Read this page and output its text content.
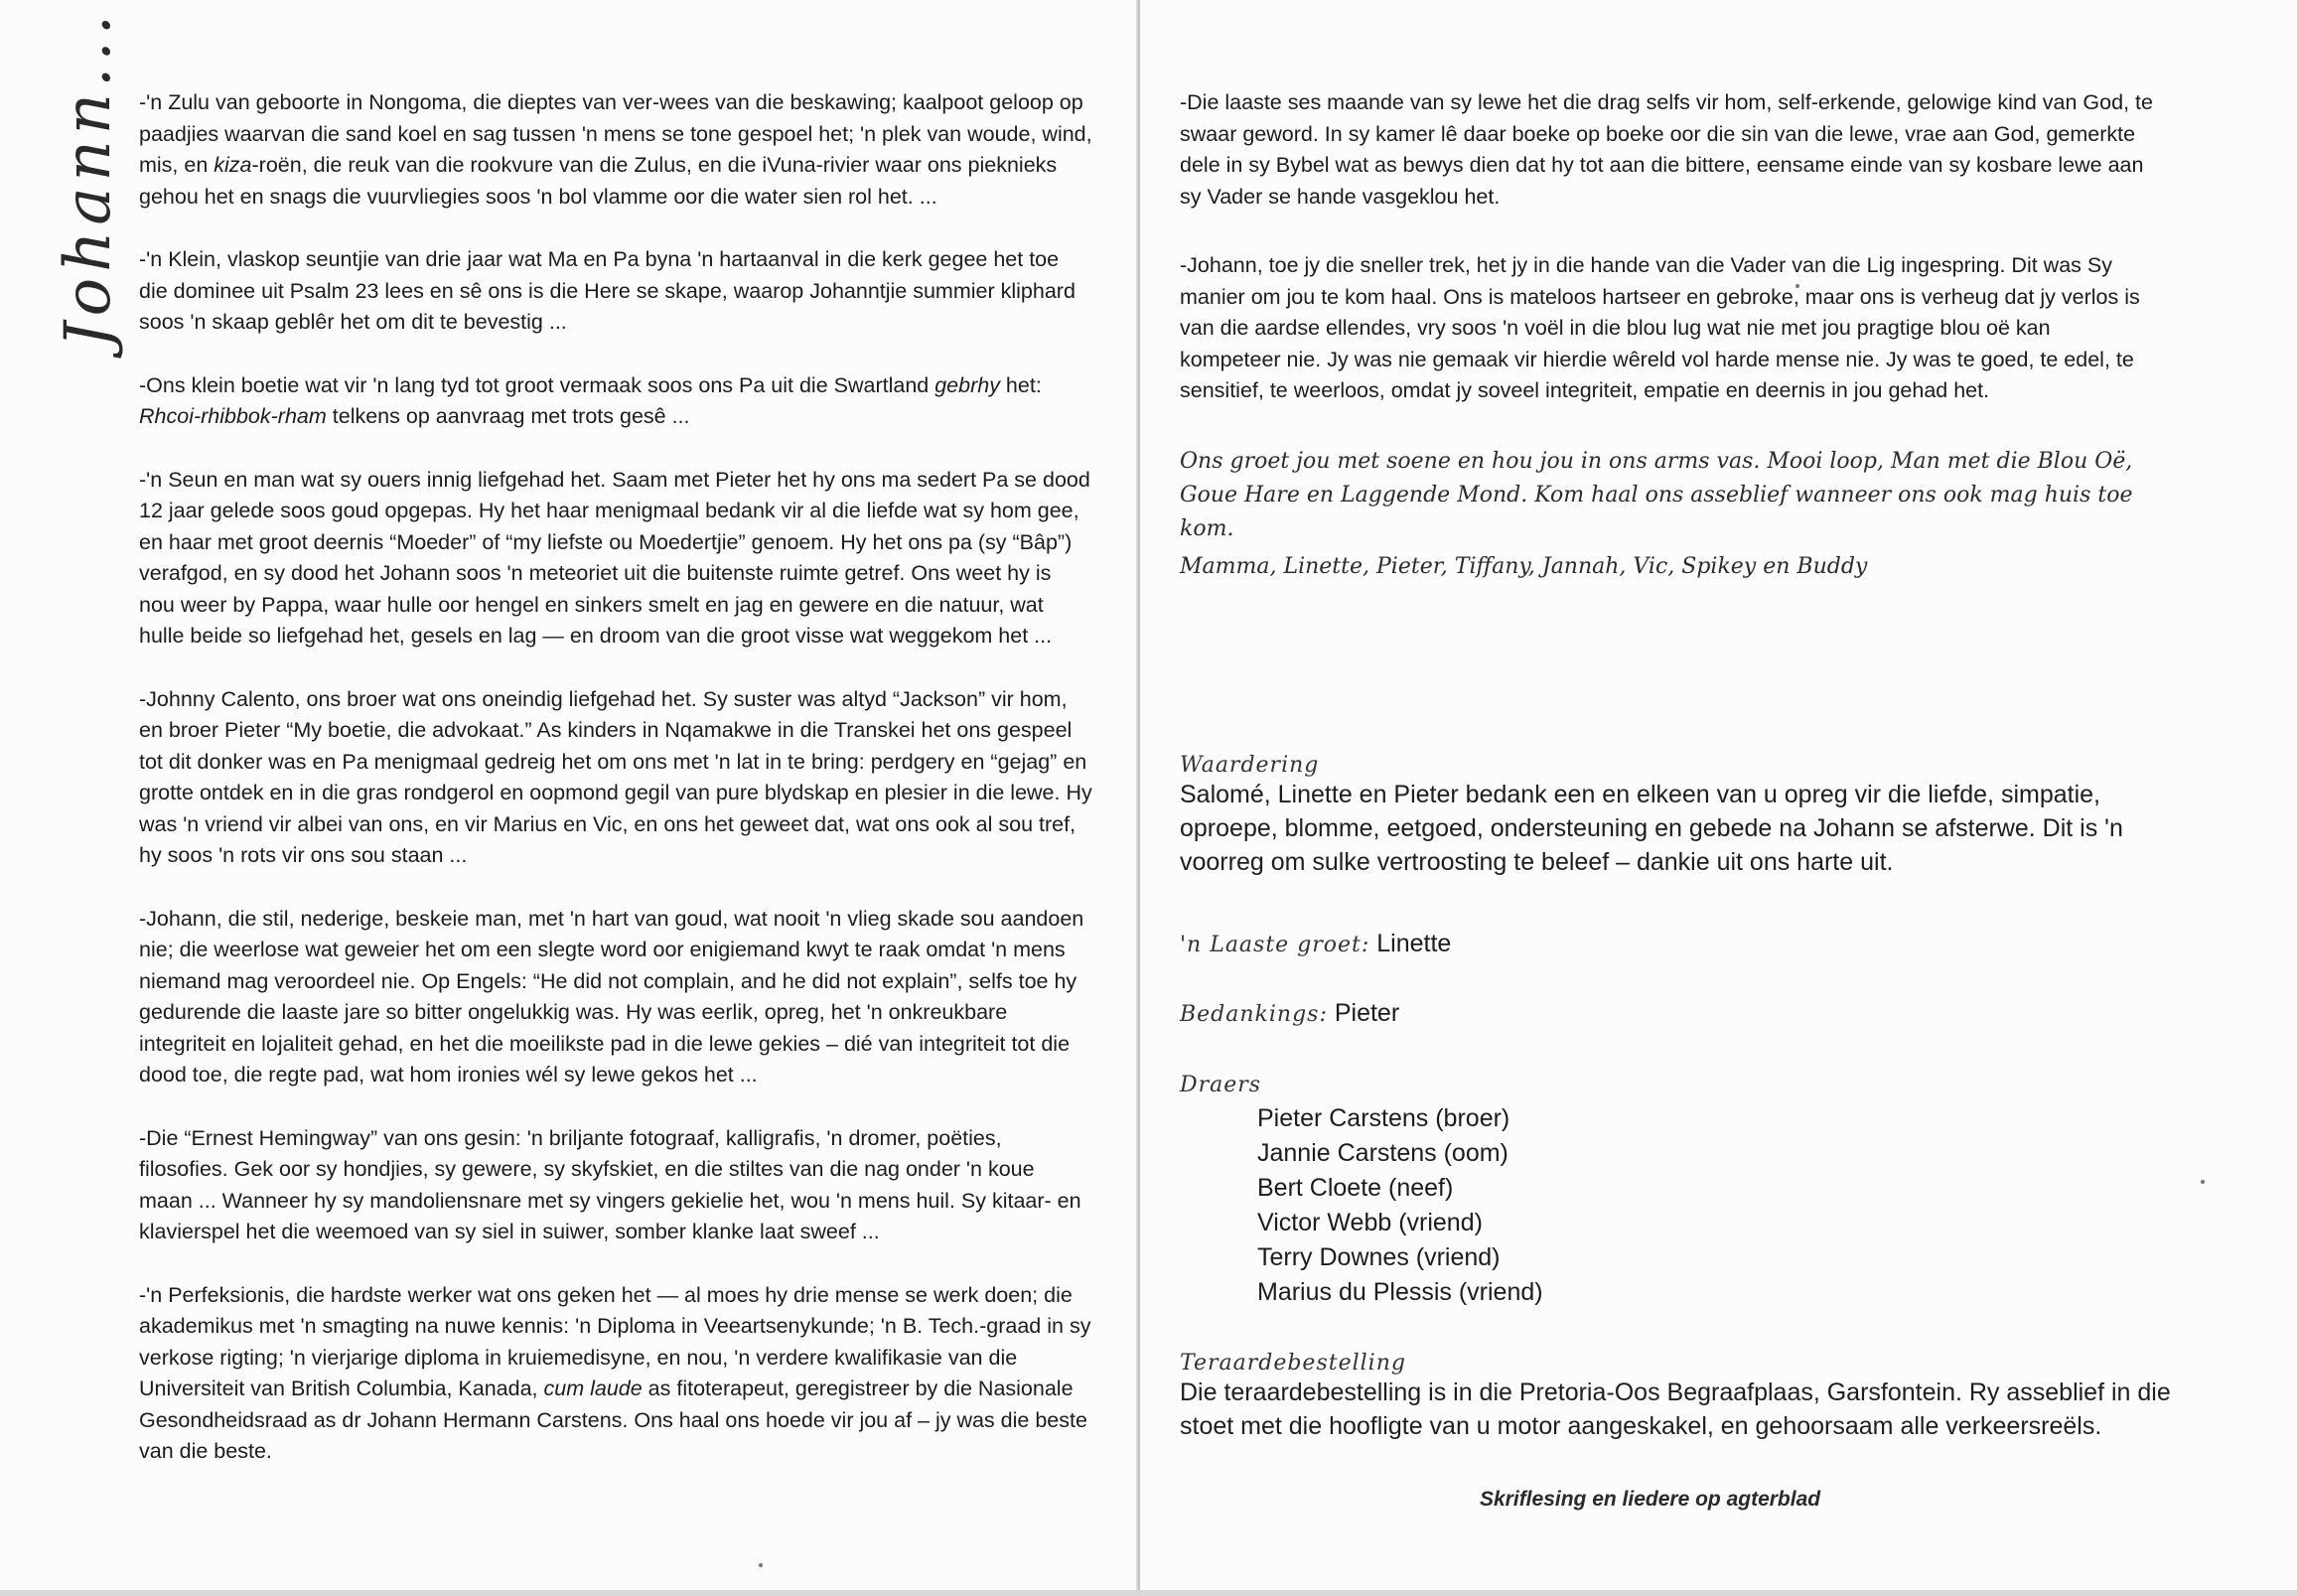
Johann... -'n Zulu van geboorte in Nongoma, die dieptes van ver-wees van die beskawing; kaalpoot geloop op paadjies waarvan die sand koel en sag tussen 'n mens se tone gespoel het; 'n plek van woude, wind, mis, en kiza-roën, die reuk van die rookvure van die Zulus, en die iVuna-rivier waar ons pieknieks gehou het en snags die vuurvliegies soos 'n bol vlamme oor die water sien rol het. ...

-'n Klein, vlaskop seuntjie van drie jaar wat Ma en Pa byna 'n hartaanval in die kerk gegee het toe die dominee uit Psalm 23 lees en sê ons is die Here se skape, waarop Johanntjie summier kliphard soos 'n skaap geblêr het om dit te bevestig ...

-Ons klein boetie wat vir 'n lang tyd tot groot vermaak soos ons Pa uit die Swartland gebrhy het: Rhcoi-rhibbok-rham telkens op aanvraag met trots gesê ...

-'n Seun en man wat sy ouers innig liefgehad het. Saam met Pieter het hy ons ma sedert Pa se dood 12 jaar gelede soos goud opgepas. Hy het haar menigmaal bedank vir al die liefde wat sy hom gee, en haar met groot deernis “Moeder” of “my liefste ou Moedertjie” genoem. Hy het ons pa (sy “Bâp”) verafgod, en sy dood het Johann soos 'n meteoriet uit die buitenste ruimte getref. Ons weet hy is nou weer by Pappa, waar hulle oor hengel en sinkers smelt en jag en gewere en die natuur, wat hulle beide so liefgehad het, gesels en lag — en droom van die groot visse wat weggekom het ...

-Johnny Calento, ons broer wat ons oneindig liefgehad het. Sy suster was altyd “Jackson” vir hom, en broer Pieter “My boetie, die advokaat.” As kinders in Nqamakwe in die Transkei het ons gespeel tot dit donker was en Pa menigmaal gedreig het om ons met 'n lat in te bring: perdgery en “gejag” en grotte ontdek en in die gras rondgerol en oopmond gegil van pure blydskap en plesier in die lewe. Hy was 'n vriend vir albei van ons, en vir Marius en Vic, en ons het geweet dat, wat ons ook al sou tref, hy soos 'n rots vir ons sou staan ...

-Johann, die stil, nederige, beskeie man, met 'n hart van goud, wat nooit 'n vlieg skade sou aandoen nie; die weerlose wat geweier het om een slegte word oor enigiemand kwyt te raak omdat 'n mens niemand mag veroordeel nie. Op Engels: “He did not complain, and he did not explain”, selfs toe hy gedurende die laaste jare so bitter ongelukkig was. Hy was eerlik, opreg, het 'n onkreukbare integriteit en lojaliteit gehad, en het die moeilikste pad in die lewe gekies – dié van integriteit tot die dood toe, die regte pad, wat hom ironies wél sy lewe gekos het ...

-Die “Ernest Hemingway” van ons gesin: 'n briljante fotograaf, kalligrafis, 'n dromer, poëties, filosofies. Gek oor sy hondjies, sy gewere, sy skyfskiet, en die stiltes van die nag onder 'n koue maan ... Wanneer hy sy mandoliensnare met sy vingers gekielie het, wou 'n mens huil. Sy kitaar- en klavierspel het die weemoed van sy siel in suiwer, somber klanke laat sweef ...

-'n Perfeksionis, die hardste werker wat ons geken het — al moes hy drie mense se werk doen; die akademikus met 'n smagting na nuwe kennis: 'n Diploma in Veeartsenykunde; 'n B. Tech.-graad in sy verkose rigting; 'n vierjarige diploma in kruiemedisyne, en nou, 'n verdere kwalifikasie van die Universiteit van British Columbia, Kanada, cum laude as fitoterapeut, geregistreer by die Nasionale Gesondheidsraad as dr Johann Hermann Carstens. Ons haal ons hoede vir jou af – jy was die beste van die beste.

-Die laaste ses maande van sy lewe het die drag selfs vir hom, self-erkende, gelowige kind van God, te swaar geword. In sy kamer lê daar boeke op boeke oor die sin van die lewe, vrae aan God, gemerkte dele in sy Bybel wat as bewys dien dat hy tot aan die bittere, eensame einde van sy kosbare lewe aan sy Vader se hande vasgeklou het.

-Johann, toe jy die sneller trek, het jy in die hande van die Vader van die Lig ingespring. Dit was Sy manier om jou te kom haal. Ons is mateloos hartseer en gebroke, maar ons is verheug dat jy verlos is van die aardse ellendes, vry soos 'n voël in die blou lug wat nie met jou pragtige blou oë kan kompeteer nie. Jy was nie gemaak vir hierdie wêreld vol harde mense nie. Jy was te goed, te edel, te sensitief, te weerloos, omdat jy soveel integriteit, empatie en deernis in jou gehad het.

Ons groet jou met soene en hou jou in ons arms vas. Mooi loop, Man met die Blou Oë, Goue Hare en Laggende Mond. Kom haal ons asseblief wanneer ons ook mag huis toe kom.

Mamma, Linette, Pieter, Tiffany, Jannah, Vic, Spikey en Buddy

Waardering
Salomé, Linette en Pieter bedank een en elkeen van u opreg vir die liefde, simpatie, oproepe, blomme, eetgoed, ondersteuning en gebede na Johann se afsterwe. Dit is 'n voorreg om sulke vertroosting te beleef – dankie uit ons harte uit.
'n Laaste groet: Linette
Bedankings: Pieter
Draers
Pieter Carstens (broer)
Jannie Carstens (oom)
Bert Cloete (neef)
Victor Webb (vriend)
Terry Downes (vriend)
Marius du Plessis (vriend)
Teraardebestelling
Die teraardebestelling is in die Pretoria-Oos Begraafplaas, Garsfontein. Ry asseblief in die stoet met die hoofligte van u motor aangeskakel, en gehoorsaam alle verkeersreëls.
Skriflesing en liedere op agterblad
